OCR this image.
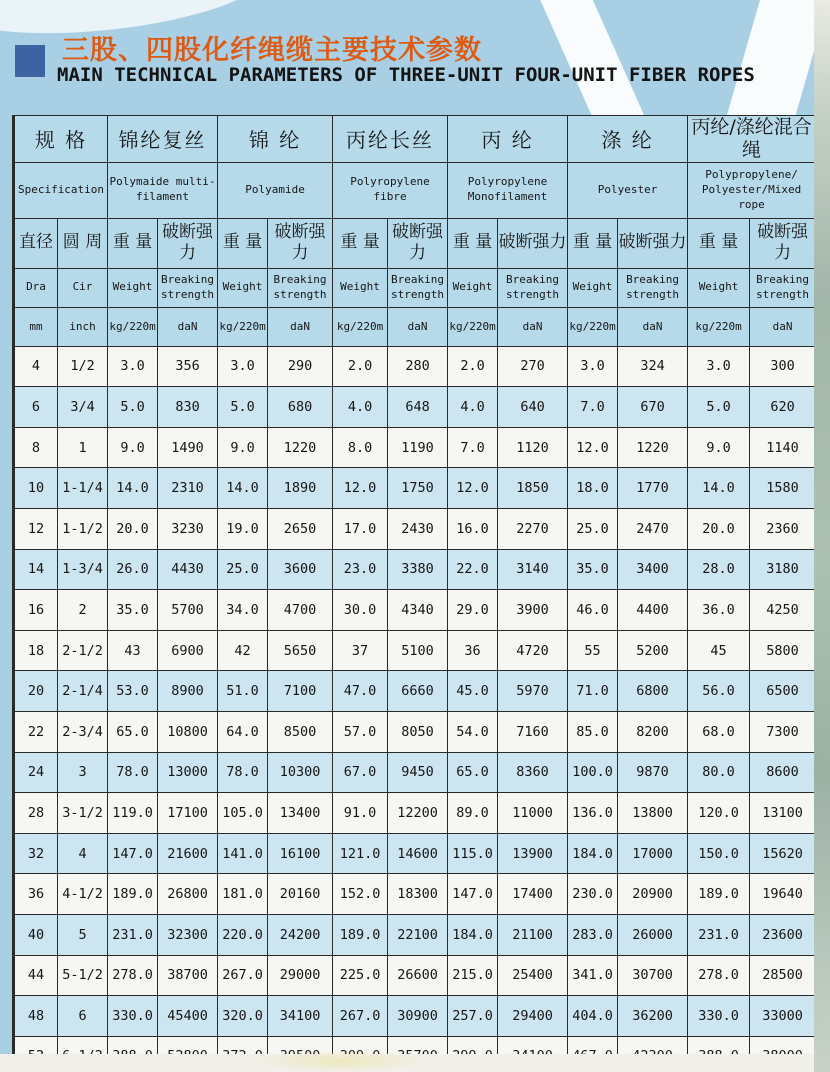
三股、四股化纤绳缆主要技术参数
MAIN TECHNICAL PARAMETERS OF THREE-UNIT FOUR-UNIT FIBER ROPES
规 格		锦纶复丝		锦 纶		丙纶长丝		丙 纶		涤 纶		丙纶/涤纶混合绳	
Specification		Polymaide multi-filament		Polyamide		Polyropylene fibre		Polyropylene Monofilament		Polyester		Polypropylene/​Polyester/​Mixed rope	
直径	圆 周	重 量	破断强力	重 量	破断强力	重 量	破断强力	重 量	破断强力	重 量	破断强力	重 量	破断强力
Dra	Cir	Weight	Breaking strength	Weight	Breaking strength	Weight	Breaking strength	Weight	Breaking strength	Weight	Breaking strength	Weight	Breaking strength
mm	inch	kg/220m	daN	kg/220m	daN	kg/220m	daN	kg/220m	daN	kg/220m	daN	kg/220m	daN
4	1/2	3.0	356	3.0	290	2.0	280	2.0	270	3.0	324	3.0	300
6	3/4	5.0	830	5.0	680	4.0	648	4.0	640	7.0	670	5.0	620
8	1	9.0	1490	9.0	1220	8.0	1190	7.0	1120	12.0	1220	9.0	1140
10	1-1/4	14.0	2310	14.0	1890	12.0	1750	12.0	1850	18.0	1770	14.0	1580
12	1-1/2	20.0	3230	19.0	2650	17.0	2430	16.0	2270	25.0	2470	20.0	2360
14	1-3/4	26.0	4430	25.0	3600	23.0	3380	22.0	3140	35.0	3400	28.0	3180
16	2	35.0	5700	34.0	4700	30.0	4340	29.0	3900	46.0	4400	36.0	4250
18	2-1/2	43	6900	42	5650	37	5100	36	4720	55	5200	45	5800
20	2-1/4	53.0	8900	51.0	7100	47.0	6660	45.0	5970	71.0	6800	56.0	6500
22	2-3/4	65.0	10800	64.0	8500	57.0	8050	54.0	7160	85.0	8200	68.0	7300
24	3	78.0	13000	78.0	10300	67.0	9450	65.0	8360	100.0	9870	80.0	8600
28	3-1/2	119.0	17100	105.0	13400	91.0	12200	89.0	11000	136.0	13800	120.0	13100
32	4	147.0	21600	141.0	16100	121.0	14600	115.0	13900	184.0	17000	150.0	15620
36	4-1/2	189.0	26800	181.0	20160	152.0	18300	147.0	17400	230.0	20900	189.0	19640
40	5	231.0	32300	220.0	24200	189.0	22100	184.0	21100	283.0	26000	231.0	23600
44	5-1/2	278.0	38700	267.0	29000	225.0	26600	215.0	25400	341.0	30700	278.0	28500
48	6	330.0	45400	320.0	34100	267.0	30900	257.0	29400	404.0	36200	330.0	33000
